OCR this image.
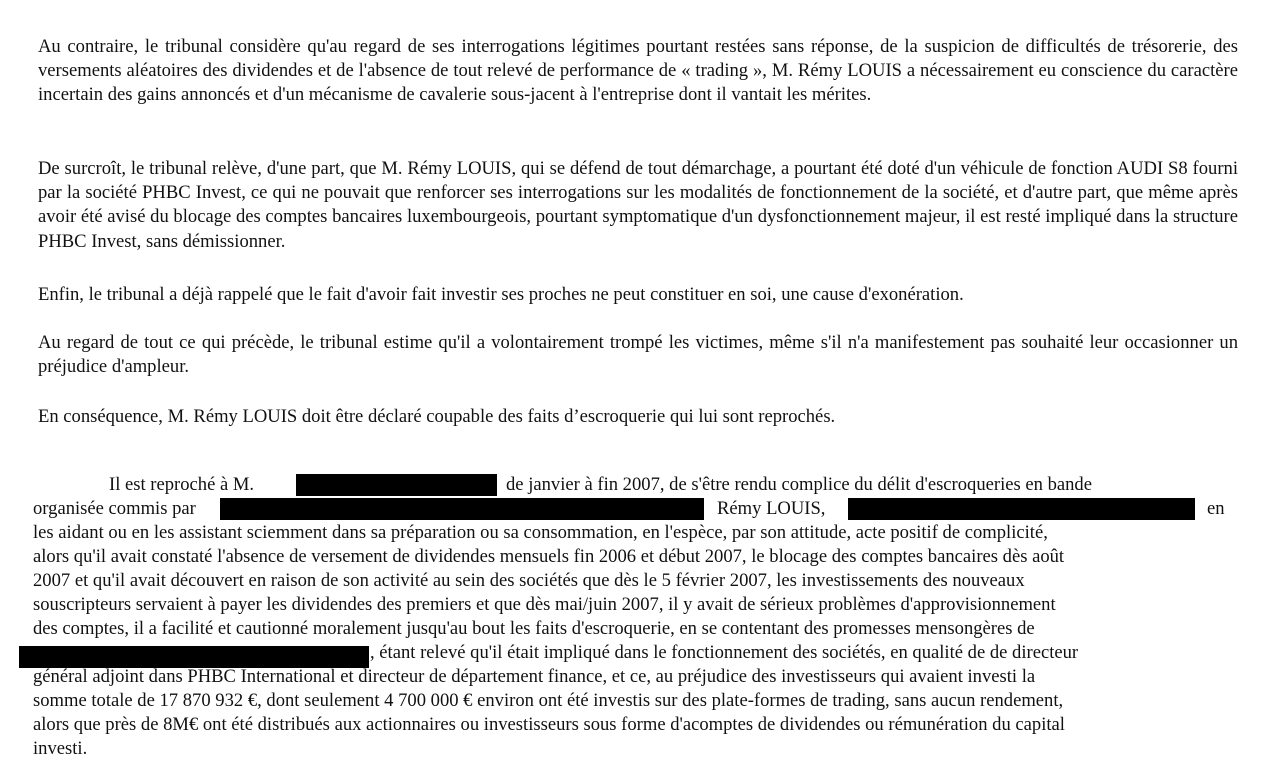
Au contraire, le tribunal considère qu'au regard de ses interrogations légitimes pourtant restées sans réponse, de la suspicion de difficultés de trésorerie, des versements aléatoires des dividendes et de l'absence de tout relevé de performance de « trading », M. Rémy LOUIS a nécessairement eu conscience du caractère incertain des gains annoncés et d'un mécanisme de cavalerie sous-jacent à l'entreprise dont il vantait les mérites.
De surcroît, le tribunal relève, d'une part, que M. Rémy LOUIS, qui se défend de tout démarchage, a pourtant été doté d'un véhicule de fonction AUDI S8 fourni par la société PHBC Invest, ce qui ne pouvait que renforcer ses interrogations sur les modalités de fonctionnement de la société, et d'autre part, que même après avoir été avisé du blocage des comptes bancaires luxembourgeois, pourtant symptomatique d'un dysfonctionnement majeur, il est resté impliqué dans la structure PHBC Invest, sans démissionner.
Enfin, le tribunal a déjà rappelé que le fait d'avoir fait investir ses proches ne peut constituer en soi, une cause d'exonération.
Au regard de tout ce qui précède, le tribunal estime qu'il a volontairement trompé les victimes, même s'il n'a manifestement pas souhaité leur occasionner un préjudice d'ampleur.
En conséquence, M. Rémy LOUIS doit être déclaré coupable des faits d’escroquerie qui lui sont reprochés.
Il est reproché à M.	de janvier à fin 2007, de s'être rendu complice du délit d'escroqueries en bande
organisée commis par	Rémy LOUIS,	en
les aidant ou en les assistant sciemment dans sa préparation ou sa consommation, en l'espèce, par son attitude, acte positif de complicité,
alors qu'il avait constaté l'absence de versement de dividendes mensuels fin 2006 et début 2007, le blocage des comptes bancaires dès août
2007 et qu'il avait découvert en raison de son activité au sein des sociétés que dès le 5 février 2007, les investissements des nouveaux
souscripteurs servaient à payer les dividendes des premiers et que dès mai/juin 2007, il y avait de sérieux problèmes d'approvisionnement
des comptes, il a facilité et cautionné moralement jusqu'au bout les faits d'escroquerie, en se contentant des promesses mensongères de
, étant relevé qu'il était impliqué dans le fonctionnement des sociétés, en qualité de de directeur
général adjoint dans PHBC International et directeur de département finance, et ce, au préjudice des investisseurs qui avaient investi la
somme totale de 17 870 932 €, dont seulement 4 700 000 € environ ont été investis sur des plate-formes de trading, sans aucun rendement,
alors que près de 8M€ ont été distribués aux actionnaires ou investisseurs sous forme d'acomptes de dividendes ou rémunération du capital
investi.
